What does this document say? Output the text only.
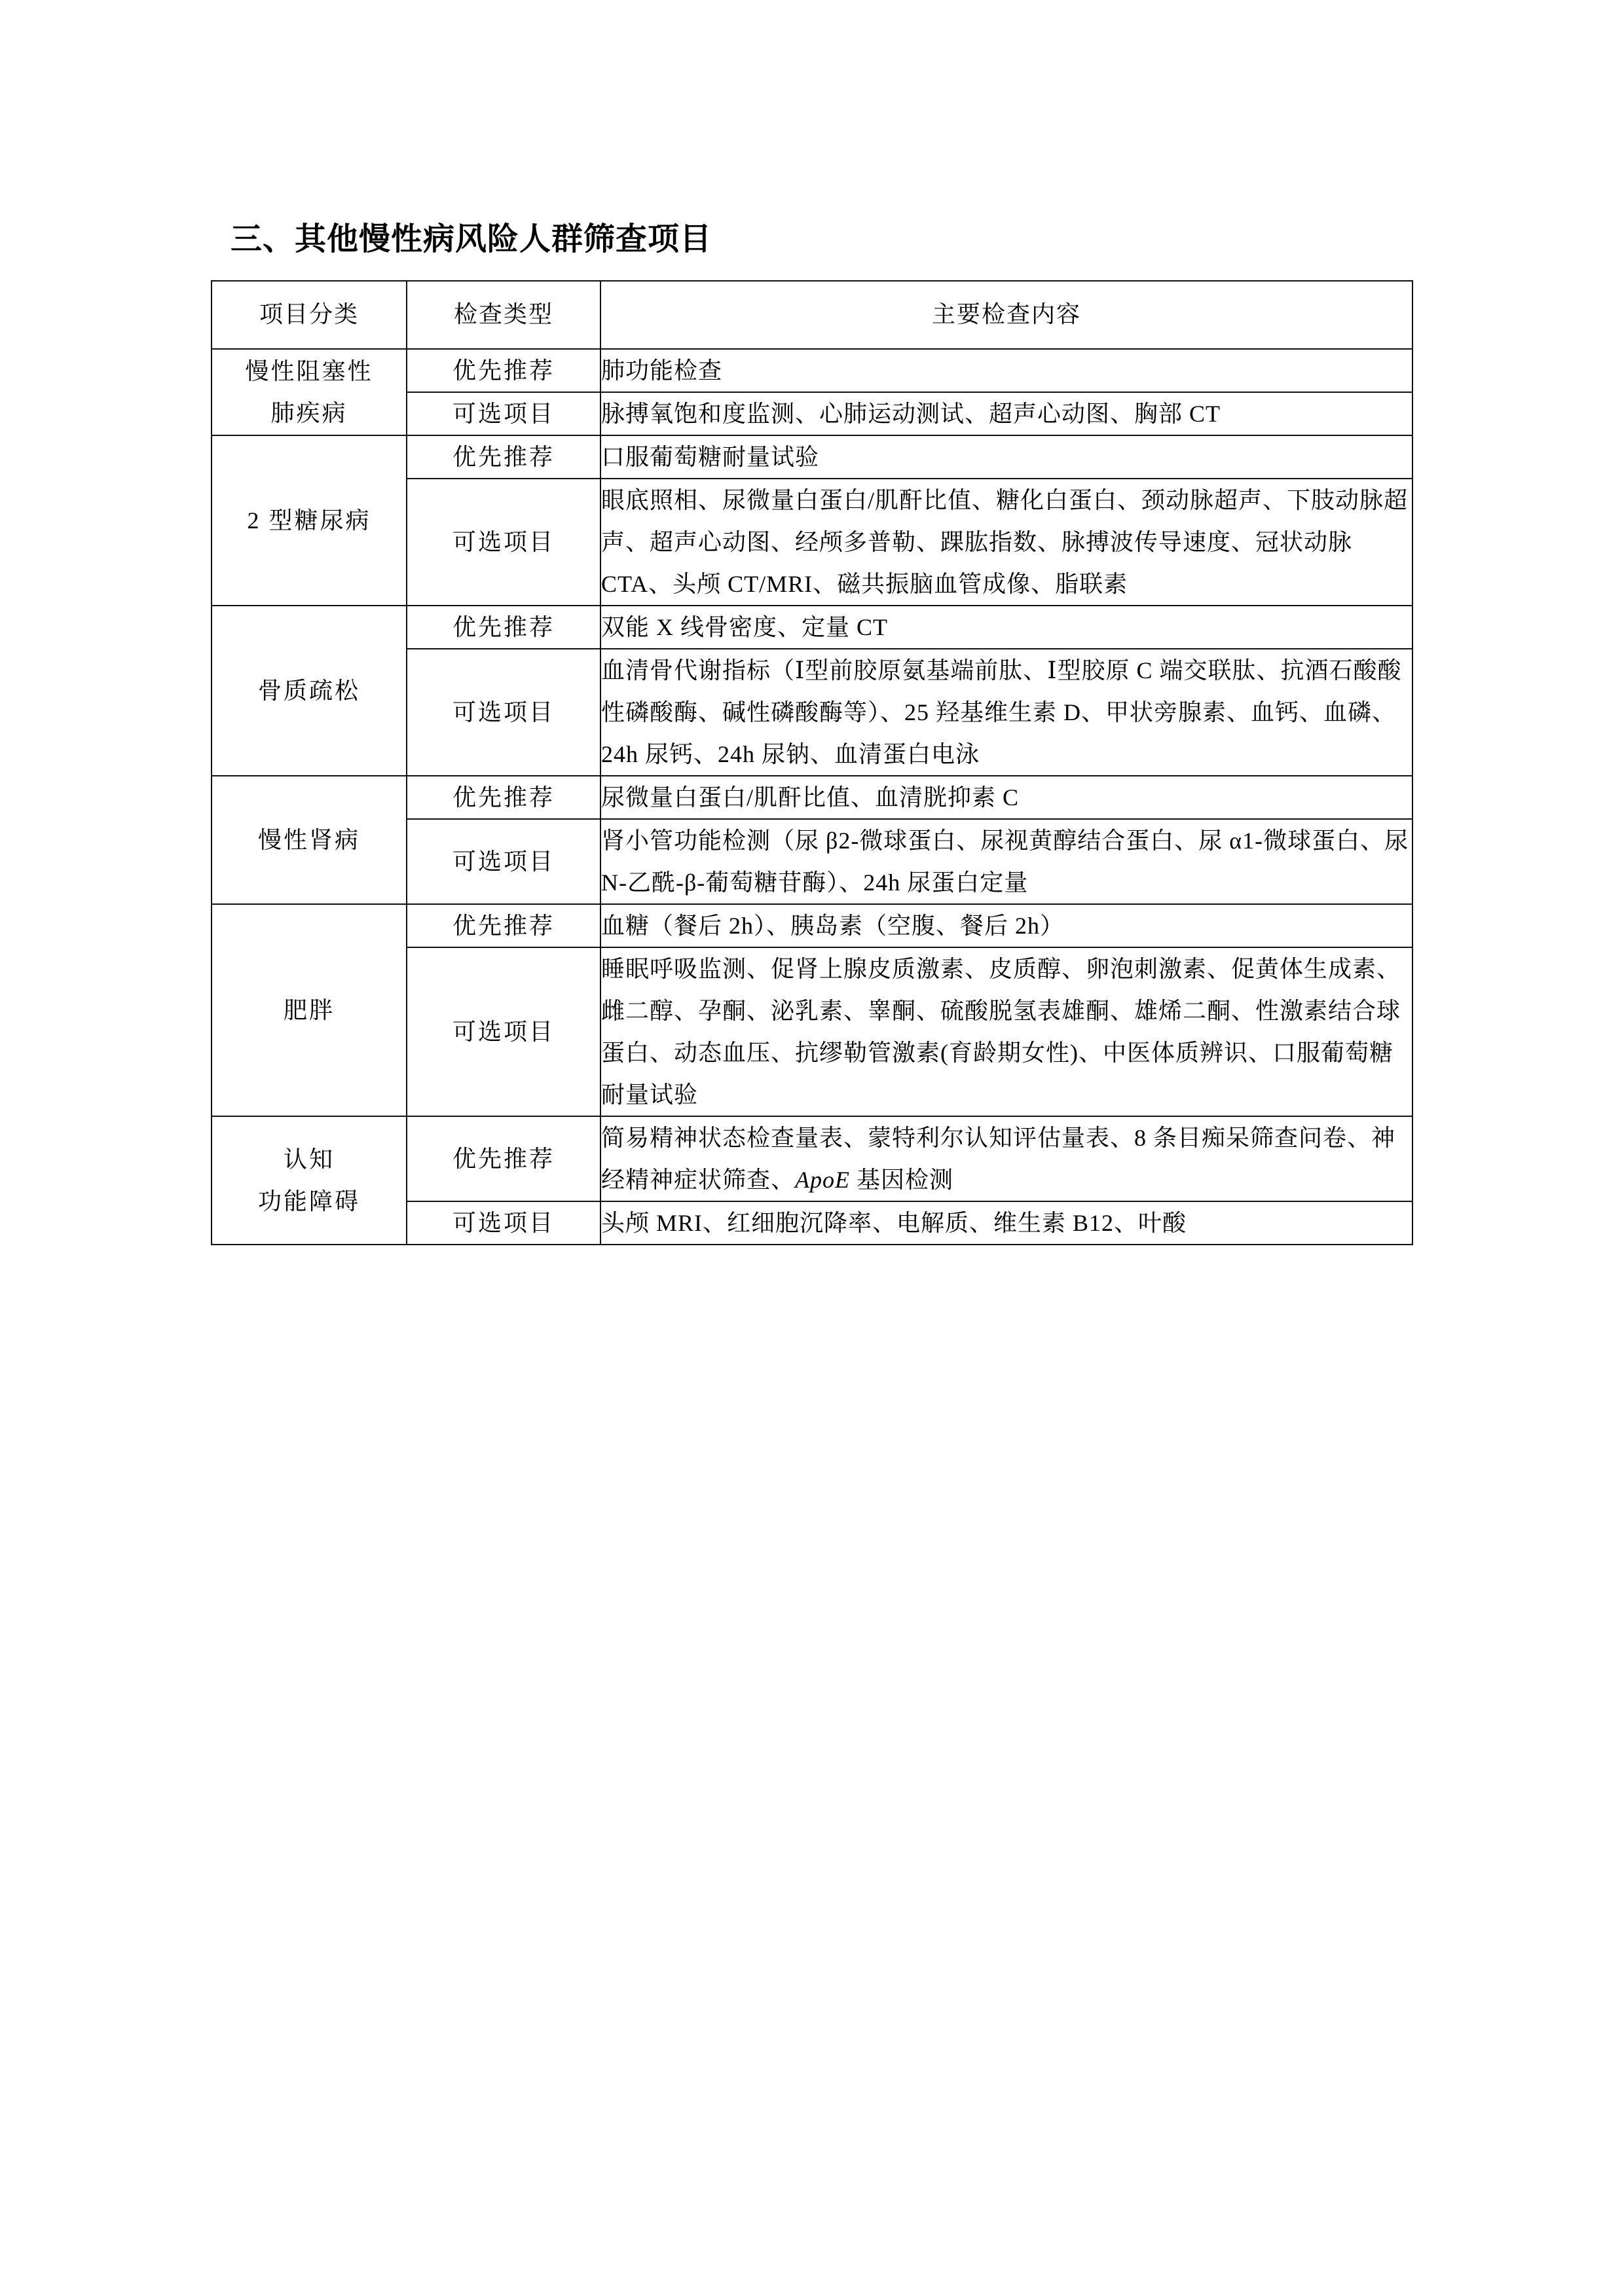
三、其他慢性病风险人群筛查项目
项目分类	检查类型	主要检查内容

慢性阻塞性
肺疾病	优先推荐	肺功能检查
	可选项目	脉搏氧饱和度监测、心肺运动测试、超声心动图、胸部 CT

2 型糖尿病	优先推荐	口服葡萄糖耐量试验
	可选项目	眼底照相、尿微量白蛋白/肌酐比值、糖化白蛋白、颈动脉超声、下肢动脉超声、超声心动图、经颅多普勒、踝肱指数、脉搏波传导速度、冠状动脉 CTA、头颅 CT/MRI、磁共振脑血管成像、脂联素

骨质疏松	优先推荐	双能 X 线骨密度、定量 CT
	可选项目	血清骨代谢指标（Ⅰ型前胶原氨基端前肽、Ⅰ型胶原 C 端交联肽、抗酒石酸酸性磷酸酶、碱性磷酸酶等）、25 羟基维生素 D、甲状旁腺素、血钙、血磷、24h 尿钙、24h 尿钠、血清蛋白电泳

慢性肾病	优先推荐	尿微量白蛋白/肌酐比值、血清胱抑素 C
	可选项目	肾小管功能检测（尿 β2-微球蛋白、尿视黄醇结合蛋白、尿 α1-微球蛋白、尿 N-乙酰-β-葡萄糖苷酶）、24h 尿蛋白定量

肥胖	优先推荐	血糖（餐后 2h）、胰岛素（空腹、餐后 2h）
	可选项目	睡眠呼吸监测、促肾上腺皮质激素、皮质醇、卵泡刺激素、促黄体生成素、雌二醇、孕酮、泌乳素、睾酮、硫酸脱氢表雄酮、雄烯二酮、性激素结合球蛋白、动态血压、抗缪勒管激素(育龄期女性)、中医体质辨识、口服葡萄糖耐量试验

认知
功能障碍	优先推荐	简易精神状态检查量表、蒙特利尔认知评估量表、8 条目痴呆筛查问卷、神经精神症状筛查、ApoE 基因检测
	可选项目	头颅 MRI、红细胞沉降率、电解质、维生素 B12、叶酸
